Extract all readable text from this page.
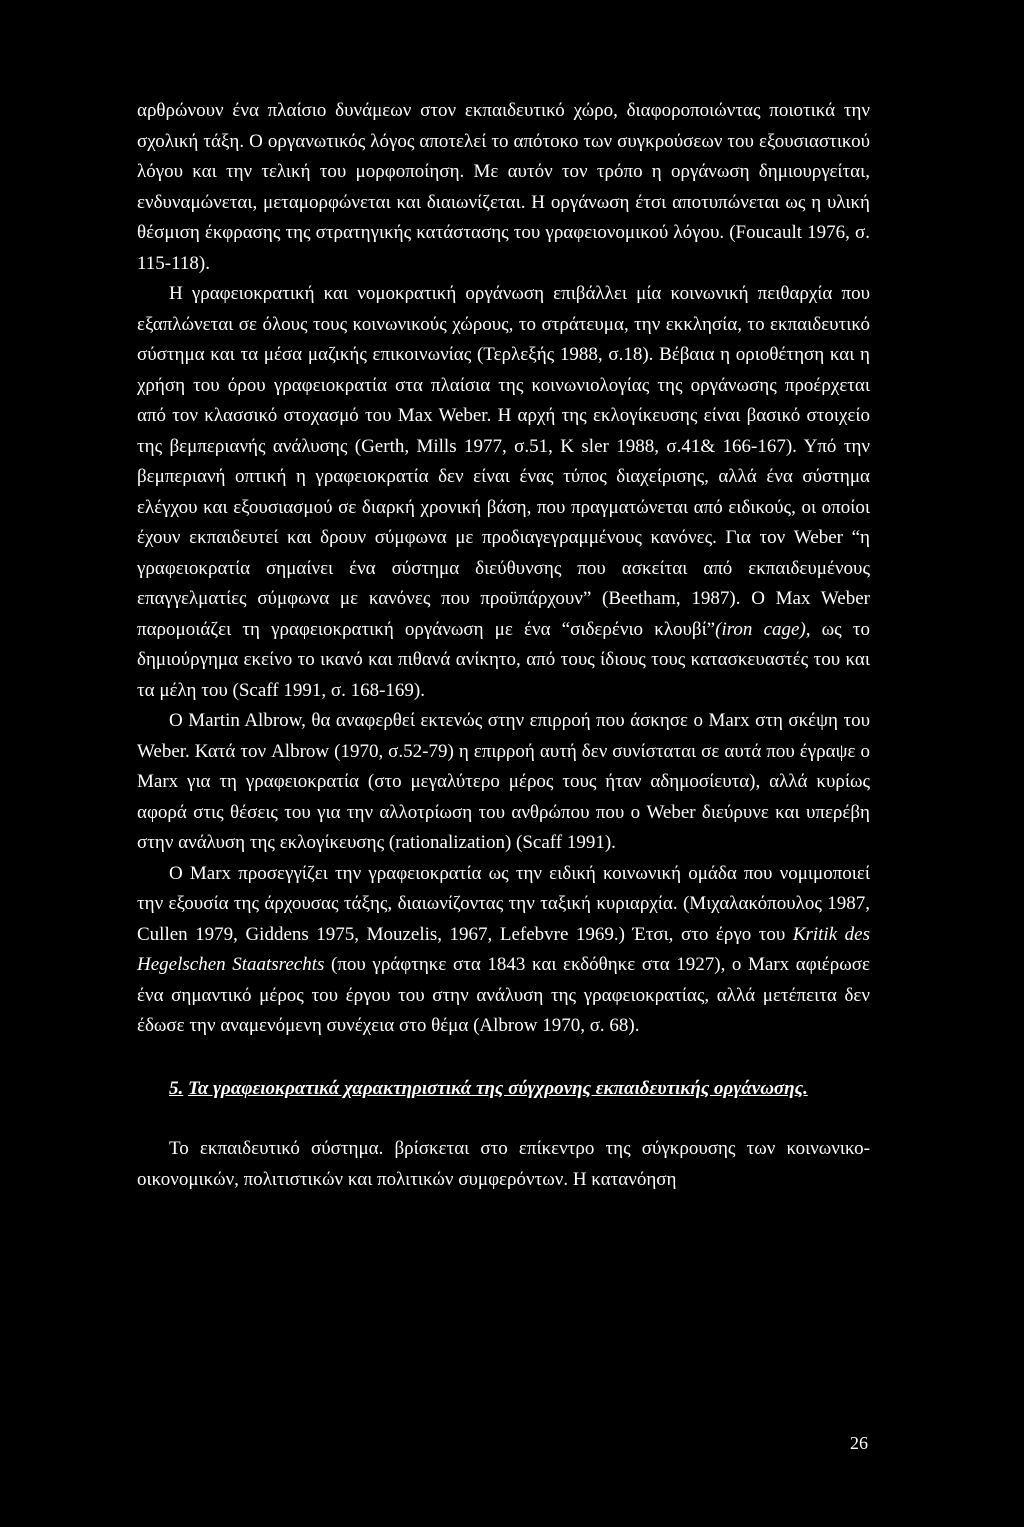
αρθρώνουν ένα πλαίσιο δυνάμεων στον εκπαιδευτικό χώρο, διαφοροποιώντας ποιοτικά την σχολική τάξη. Ο οργανωτικός λόγος αποτελεί το απότοκο των συγκρούσεων του εξουσιαστικού λόγου και την τελική του μορφοποίηση. Με αυτόν τον τρόπο η οργάνωση δημιουργείται, ενδυναμώνεται, μεταμορφώνεται και διαιωνίζεται. Η οργάνωση έτσι αποτυπώνεται ως η υλική θέσμιση έκφρασης της στρατηγικής κατάστασης του γραφειονομικού λόγου. (Foucault 1976, σ. 115-118).

Η γραφειοκρατική και νομοκρατική οργάνωση επιβάλλει μία κοινωνική πειθαρχία που εξαπλώνεται σε όλους τους κοινωνικούς χώρους, το στράτευμα, την εκκλησία, το εκπαιδευτικό σύστημα και τα μέσα μαζικής επικοινωνίας (Τερλεξής 1988, σ.18). Βέβαια η οριοθέτηση και η χρήση του όρου γραφειοκρατία στα πλαίσια της κοινωνιολογίας της οργάνωσης προέρχεται από τον κλασσικό στοχασμό του Max Weber. Η αρχή της εκλογίκευσης είναι βασικό στοιχείο της βεμπεριανής ανάλυσης (Gerth, Mills 1977, σ.51, K sler 1988, σ.41& 166-167). Υπό την βεμπεριανή οπτική η γραφειοκρατία δεν είναι ένας τύπος διαχείρισης, αλλά ένα σύστημα ελέγχου και εξουσιασμού σε διαρκή χρονική βάση, που πραγματώνεται από ειδικούς, οι οποίοι έχουν εκπαιδευτεί και δρουν σύμφωνα με προδιαγεγραμμένους κανόνες. Για τον Weber “η γραφειοκρατία σημαίνει ένα σύστημα διεύθυνσης που ασκείται από εκπαιδευμένους επαγγελματίες σύμφωνα με κανόνες που προϋπάρχουν” (Beetham, 1987). Ο Max Weber παρομοιάζει τη γραφειοκρατική οργάνωση με ένα “σιδερένιο κλουβί”(iron cage), ως το δημιούργημα εκείνο το ικανό και πιθανά ανίκητο, από τους ίδιους τους κατασκευαστές του και τα μέλη του (Scaff 1991, σ. 168-169).

Ο Martin Albrow, θα αναφερθεί εκτενώς στην επιρροή που άσκησε ο Marx στη σκέψη του Weber. Κατά τον Albrow (1970, σ.52-79) η επιρροή αυτή δεν συνίσταται σε αυτά που έγραψε ο Marx για τη γραφειοκρατία (στο μεγαλύτερο μέρος τους ήταν αδημοσίευτα), αλλά κυρίως αφορά στις θέσεις του για την αλλοτρίωση του ανθρώπου που ο Weber διεύρυνε και υπερέβη στην ανάλυση της εκλογίκευσης (rationalization) (Scaff 1991).

Ο Marx προσεγγίζει την γραφειοκρατία ως την ειδική κοινωνική ομάδα που νομιμοποιεί την εξουσία της άρχουσας τάξης, διαιωνίζοντας την ταξική κυριαρχία. (Μιχαλακόπουλος 1987, Cullen 1979, Giddens 1975, Mouzelis, 1967, Lefebvre 1969.) Έτσι, στο έργο του Kritik des Hegelschen Staatsrechts (που γράφτηκε στα 1843 και εκδόθηκε στα 1927), ο Marx αφιέρωσε ένα σημαντικό μέρος του έργου του στην ανάλυση της γραφειοκρατίας, αλλά μετέπειτα δεν έδωσε την αναμενόμενη συνέχεια στο θέμα (Albrow 1970, σ. 68).

5. Τα γραφειοκρατικά χαρακτηριστικά της σύγχρονης εκπαιδευτικής οργάνωσης.

Το εκπαιδευτικό σύστημα. βρίσκεται στο επίκεντρο της σύγκρουσης των κοινωνικο-οικονομικών, πολιτιστικών και πολιτικών συμφερόντων. Η κατανόηση

26
